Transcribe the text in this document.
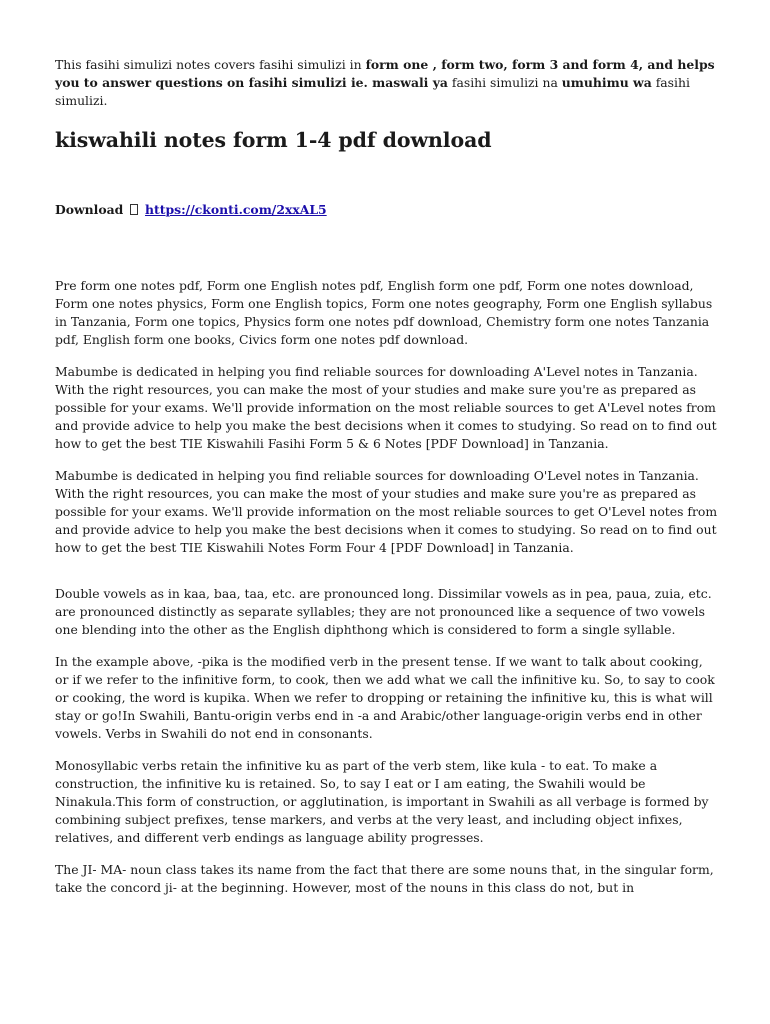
This fasihi simulizi notes covers fasihi simulizi in form one , form two, form 3 and form 4, and helps you to answer questions on fasihi simulizi ie. maswali ya fasihi simulizi na umuhimu wa fasihi simulizi.

kiswahili notes form 1-4 pdf download

Download https://ckonti.com/2xxAL5

Pre form one notes pdf, Form one English notes pdf, English form one pdf, Form one notes download, Form one notes physics, Form one English topics, Form one notes geography, Form one English syllabus in Tanzania, Form one topics, Physics form one notes pdf download, Chemistry form one notes Tanzania pdf, English form one books, Civics form one notes pdf download.

Mabumbe is dedicated in helping you find reliable sources for downloading A'Level notes in Tanzania. With the right resources, you can make the most of your studies and make sure you're as prepared as possible for your exams. We'll provide information on the most reliable sources to get A'Level notes from and provide advice to help you make the best decisions when it comes to studying. So read on to find out how to get the best TIE Kiswahili Fasihi Form 5 & 6 Notes [PDF Download] in Tanzania.

Mabumbe is dedicated in helping you find reliable sources for downloading O'Level notes in Tanzania. With the right resources, you can make the most of your studies and make sure you're as prepared as possible for your exams. We'll provide information on the most reliable sources to get O'Level notes from and provide advice to help you make the best decisions when it comes to studying. So read on to find out how to get the best TIE Kiswahili Notes Form Four 4 [PDF Download] in Tanzania.

Double vowels as in kaa, baa, taa, etc. are pronounced long. Dissimilar vowels as in pea, paua, zuia, etc. are pronounced distinctly as separate syllables; they are not pronounced like a sequence of two vowels one blending into the other as the English diphthong which is considered to form a single syllable.

In the example above, -pika is the modified verb in the present tense. If we want to talk about cooking, or if we refer to the infinitive form, to cook, then we add what we call the infinitive ku. So, to say to cook or cooking, the word is kupika. When we refer to dropping or retaining the infinitive ku, this is what will stay or go!In Swahili, Bantu-origin verbs end in -a and Arabic/other language-origin verbs end in other vowels. Verbs in Swahili do not end in consonants.

Monosyllabic verbs retain the infinitive ku as part of the verb stem, like kula - to eat. To make a construction, the infinitive ku is retained. So, to say I eat or I am eating, the Swahili would be Ninakula.This form of construction, or agglutination, is important in Swahili as all verbage is formed by combining subject prefixes, tense markers, and verbs at the very least, and including object infixes, relatives, and different verb endings as language ability progresses.

The JI- MA- noun class takes its name from the fact that there are some nouns that, in the singular form, take the concord ji- at the beginning. However, most of the nouns in this class do not, but in
